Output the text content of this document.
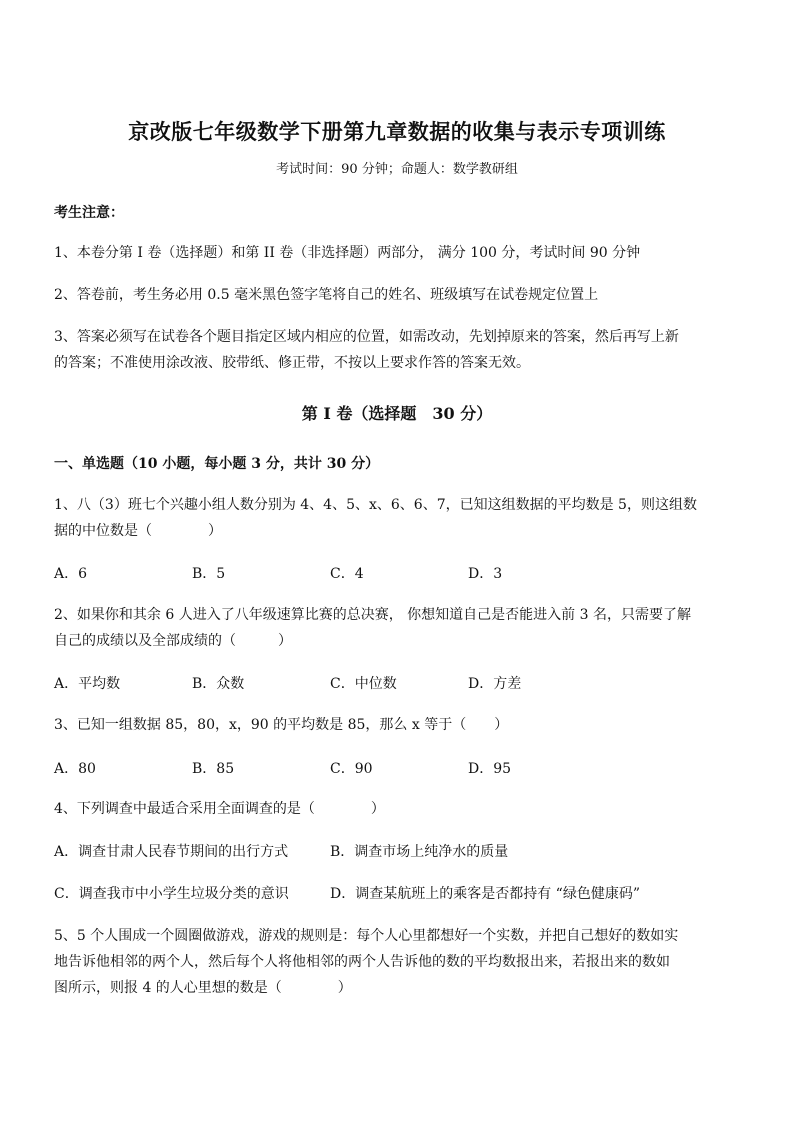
京改版七年级数学下册第九章数据的收集与表示专项训练
考试时间：90 分钟；命题人：数学教研组
考生注意：
1、本卷分第 I 卷（选择题）和第 II 卷（非选择题）两部分， 满分 100 分，考试时间 90 分钟
2、答卷前，考生务必用 0.5 毫米黑色签字笔将自己的姓名、班级填写在试卷规定位置上
3、答案必须写在试卷各个题目指定区域内相应的位置，如需改动，先划掉原来的答案，然后再写上新
的答案；不准使用涂改液、胶带纸、修正带，不按以上要求作答的答案无效。
第 I 卷（选择题　30 分）
一、单选题（10 小题，每小题 3 分，共计 30 分）
1、八（3）班七个兴趣小组人数分别为 4、4、5、x、6、6、7，已知这组数据的平均数是 5，则这组数
据的中位数是（　　　　）
A．6	B．5	C．4	D．3
2、如果你和其余 6 人进入了八年级速算比赛的总决赛， 你想知道自己是否能进入前 3 名，只需要了解
自己的成绩以及全部成绩的（　　　）
A．平均数	B．众数	C．中位数	D．方差
3、已知一组数据 85，80，x，90 的平均数是 85，那么 x 等于（　　）
A．80	B．85	C．90	D．95
4、下列调查中最适合采用全面调查的是（　　　　）
A．调查甘肃人民春节期间的出行方式	B．调查市场上纯净水的质量
C．调查我市中小学生垃圾分类的意识	D．调查某航班上的乘客是否都持有 “绿色健康码”
5、5 个人围成一个圆圈做游戏，游戏的规则是：每个人心里都想好一个实数，并把自己想好的数如实
地告诉他相邻的两个人，然后每个人将他相邻的两个人告诉他的数的平均数报出来，若报出来的数如
图所示，则报 4 的人心里想的数是（　　　　）
